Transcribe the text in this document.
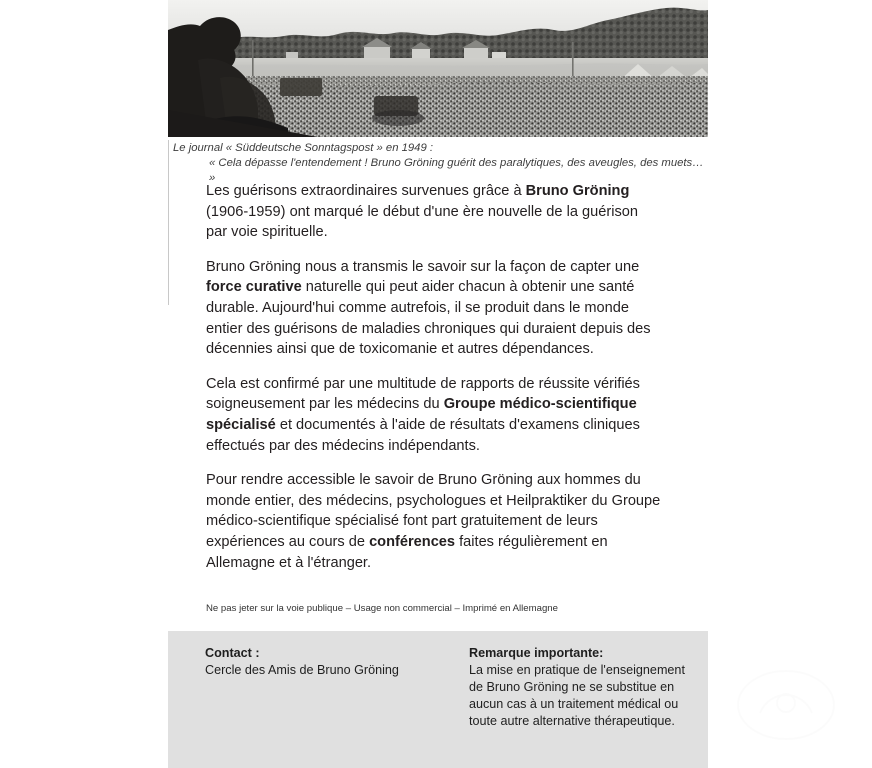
Le journal « Süddeutsche Sonntagspost » en 1949 :
« Cela dépasse l'entendement ! Bruno Gröning guérit des paralytiques, des aveugles, des muets… »

Les guérisons extraordinaires survenues grâce à Bruno Gröning (1906-1959) ont marqué le début d'une ère nouvelle de la guérison par voie spirituelle.

Bruno Gröning nous a transmis le savoir sur la façon de capter une force curative naturelle qui peut aider chacun à obtenir une santé durable. Aujourd'hui comme autrefois, il se produit dans le monde entier des guérisons de maladies chroniques qui duraient depuis des décennies ainsi que de toxicomanie et autres dépendances.

Cela est confirmé par une multitude de rapports de réussite vérifiés soigneusement par les médecins du Groupe médico-scientifique spécialisé et documentés à l'aide de résultats d'examens cliniques effectués par des médecins indépendants.

Pour rendre accessible le savoir de Bruno Gröning aux hommes du monde entier, des médecins, psychologues et Heilpraktiker du Groupe médico-scientifique spécialisé font part gratuitement de leurs expériences au cours de conférences faites régulièrement en Allemagne et à l'étranger.

Ne pas jeter sur la voie publique – Usage non commercial – Imprimé en Allemagne
Contact :
Cercle des Amis de Bruno Gröning
Remarque importante:
La mise en pratique de l'enseignement de Bruno Gröning ne se substitue en aucun cas à un traitement médical ou toute autre alternative thérapeutique.
